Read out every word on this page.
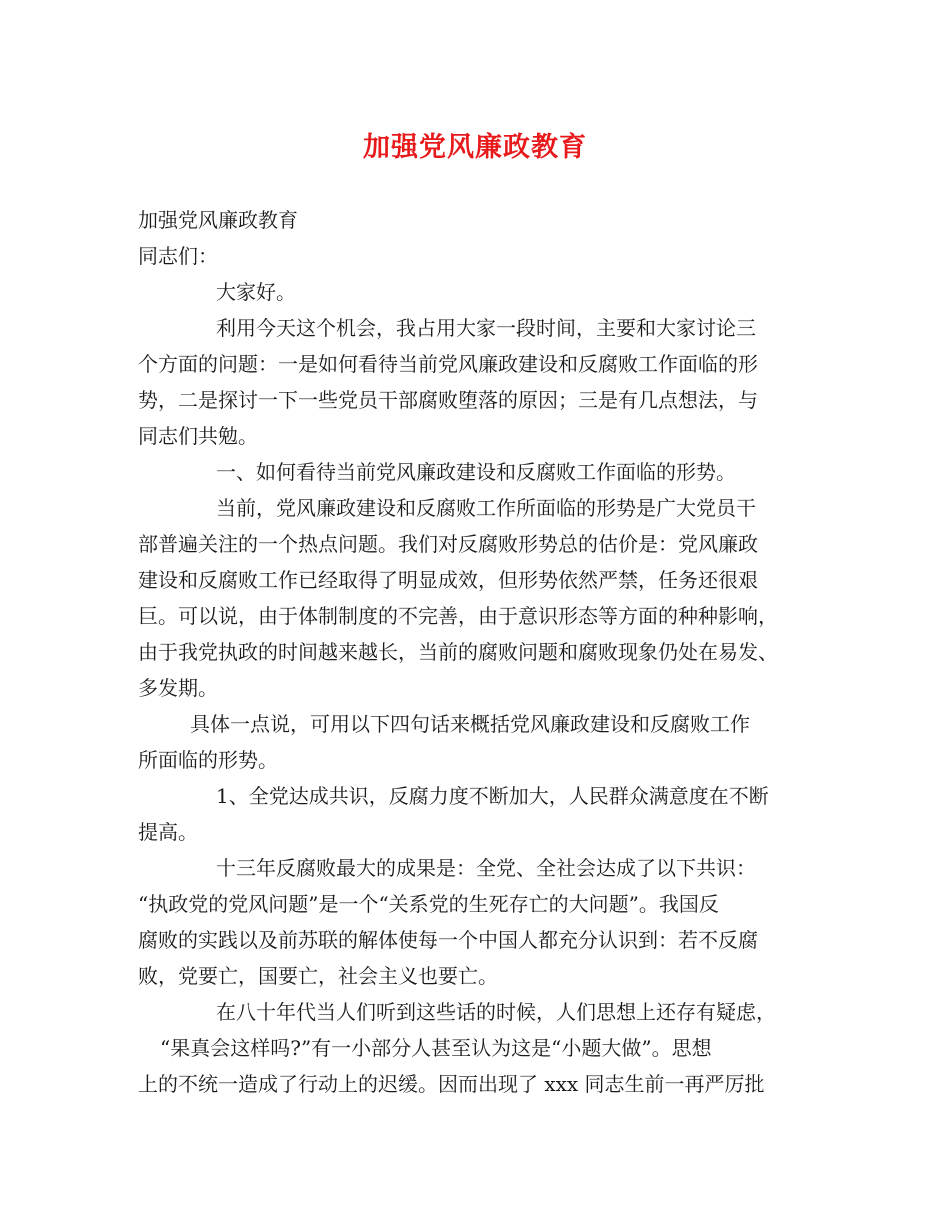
加强党风廉政教育
加强党风廉政教育
同志们：
大家好。
利用今天这个机会，我占用大家一段时间，主要和大家讨论三
个方面的问题：一是如何看待当前党风廉政建设和反腐败工作面临的形
势，二是探讨一下一些党员干部腐败堕落的原因；三是有几点想法，与
同志们共勉。
一、如何看待当前党风廉政建设和反腐败工作面临的形势。
当前，党风廉政建设和反腐败工作所面临的形势是广大党员干
部普遍关注的一个热点问题。我们对反腐败形势总的估价是：党风廉政
建设和反腐败工作已经取得了明显成效，但形势依然严禁，任务还很艰
巨。可以说，由于体制制度的不完善，由于意识形态等方面的种种影响，
由于我党执政的时间越来越长，当前的腐败问题和腐败现象仍处在易发、
多发期。
具体一点说，可用以下四句话来概括党风廉政建设和反腐败工作
所面临的形势。
1、全党达成共识，反腐力度不断加大，人民群众满意度在不断
提高。
十三年反腐败最大的成果是：全党、全社会达成了以下共识：
“执政党的党风问题”是一个“关系党的生死存亡的大问题”。我国反
腐败的实践以及前苏联的解体使每一个中国人都充分认识到：若不反腐
败，党要亡，国要亡，社会主义也要亡。
在八十年代当人们听到这些话的时候，人们思想上还存有疑虑，
“果真会这样吗?”有一小部分人甚至认为这是“小题大做”。思想
上的不统一造成了行动上的迟缓。因而出现了 xxx 同志生前一再严厉批
